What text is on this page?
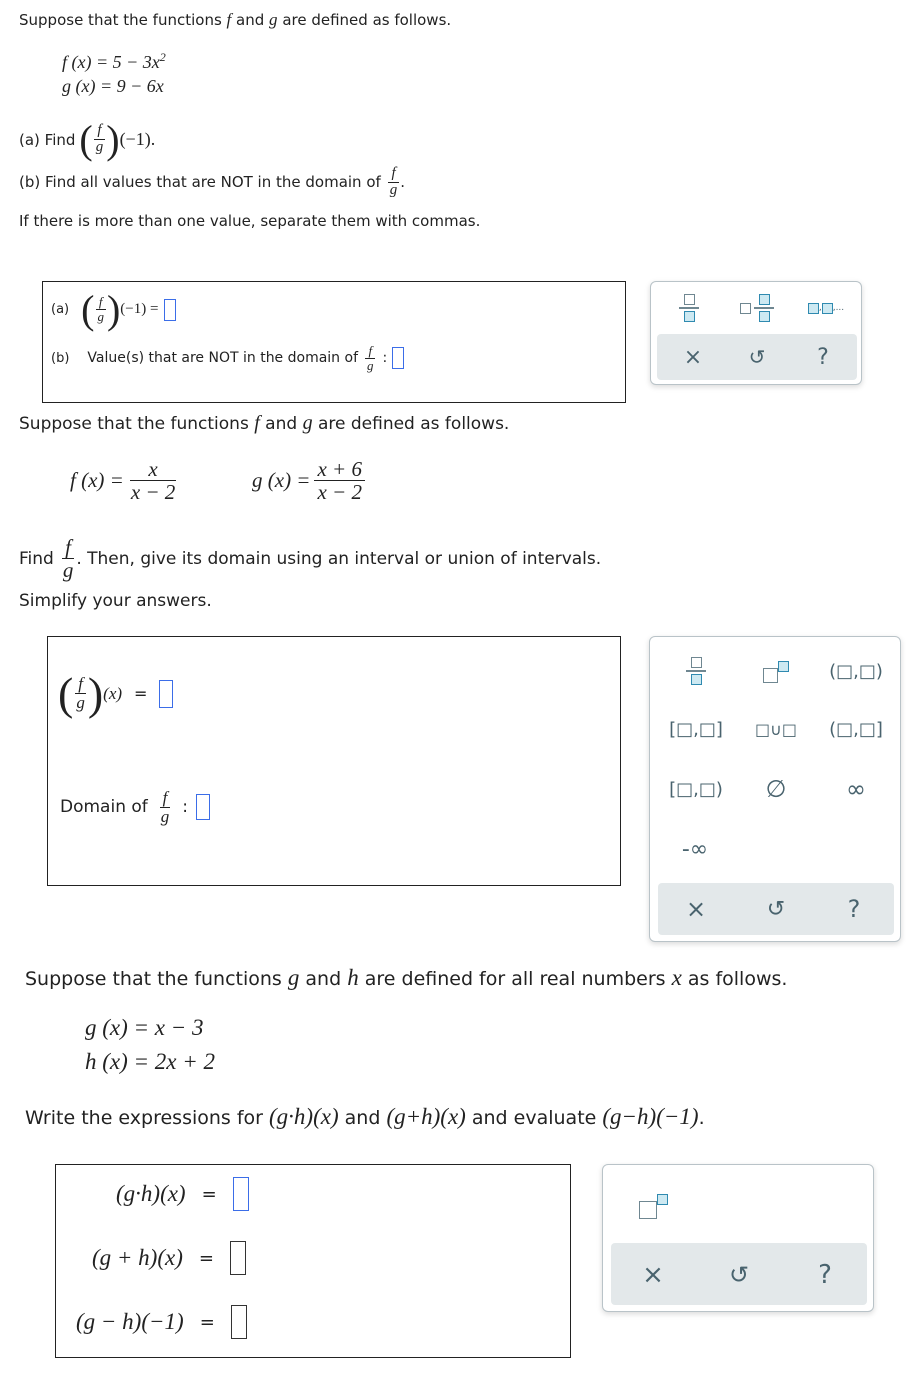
Suppose that the functions f and g are defined as follows.
f $(x) = 5 - 3x^2$
g (x) = 9 − 6x
(a) Find ( $\frac{f}{g}$ ) (−1).
(b) Find all values that are NOT in the domain of $\frac{f}{g}$ .
If there is more than one value, separate them with commas.
(a) ( $\frac{f}{g}$ ) (−1) =
(b) Value(s) that are NOT in the domain of $\frac{f}{g}$ :
, ,...
×	↺	?
Suppose that the functions f and g are defined as follows.
f $(x) = \frac{x}{x - 2}$	g $(x) = \frac{x + 6}{x - 2}$
Find $\frac{f}{g}$ . Then, give its domain using an interval or union of intervals.
Simplify your answers.
( $\frac{f}{g}$ ) (x) =
Domain of $\frac{f}{g}$ :
(□,□)
[□,□]	□∪□	(□,□]
[□,□)	∅	∞
-∞
×	↺	?
Suppose that the functions g and h are defined for all real numbers x as follows.
g (x) = x − 3
h (x) = 2x + 2
Write the expressions for (g·h)(x) and (g+h)(x) and evaluate (g−h)(−1).
(g·h)(x) =
(g + h)(x) =
(g − h)(−1) =
×	↺	?
